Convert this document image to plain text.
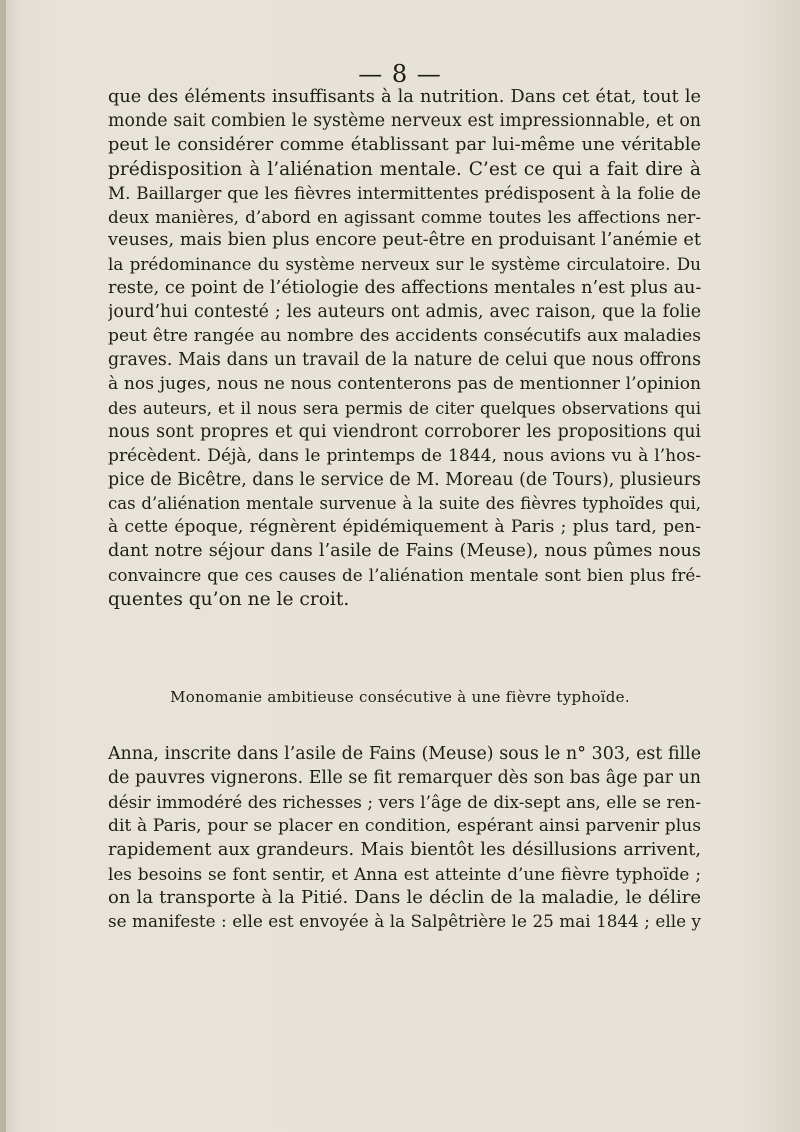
— 8 —
que des éléments insuffisants à la nutrition. Dans cet état, tout le
monde sait combien le système nerveux est impressionnable, et on
peut le considérer comme établissant par lui-même une véritable
prédisposition à l’aliénation mentale. C’est ce qui a fait dire à
M. Baillarger que les fièvres intermittentes prédisposent à la folie de
deux manières, d’abord en agissant comme toutes les affections ner-
veuses, mais bien plus encore peut-être en produisant l’anémie et
la prédominance du système nerveux sur le système circulatoire. Du
reste, ce point de l’étiologie des affections mentales n’est plus au-
jourd’hui contesté ; les auteurs ont admis, avec raison, que la folie
peut être rangée au nombre des accidents consécutifs aux maladies
graves. Mais dans un travail de la nature de celui que nous offrons
à nos juges, nous ne nous contenterons pas de mentionner l’opinion
des auteurs, et il nous sera permis de citer quelques observations qui
nous sont propres et qui viendront corroborer les propositions qui
précèdent. Déjà, dans le printemps de 1844, nous avions vu à l’hos-
pice de Bicêtre, dans le service de M. Moreau (de Tours), plusieurs
cas d’aliénation mentale survenue à la suite des fièvres typhoïdes qui,
à cette époque, régnèrent épidémiquement à Paris ; plus tard, pen-
dant notre séjour dans l’asile de Fains (Meuse), nous pûmes nous
convaincre que ces causes de l’aliénation mentale sont bien plus fré-
quentes qu’on ne le croit.
Monomanie ambitieuse consécutive à une fièvre typhoïde.
Anna, inscrite dans l’asile de Fains (Meuse) sous le n° 303, est fille
de pauvres vignerons. Elle se fit remarquer dès son bas âge par un
désir immodéré des richesses ; vers l’âge de dix-sept ans, elle se ren-
dit à Paris, pour se placer en condition, espérant ainsi parvenir plus
rapidement aux grandeurs. Mais bientôt les désillusions arrivent,
les besoins se font sentir, et Anna est atteinte d’une fièvre typhoïde ;
on la transporte à la Pitié. Dans le déclin de la maladie, le délire
se manifeste : elle est envoyée à la Salpêtrière le 25 mai 1844 ; elle y
